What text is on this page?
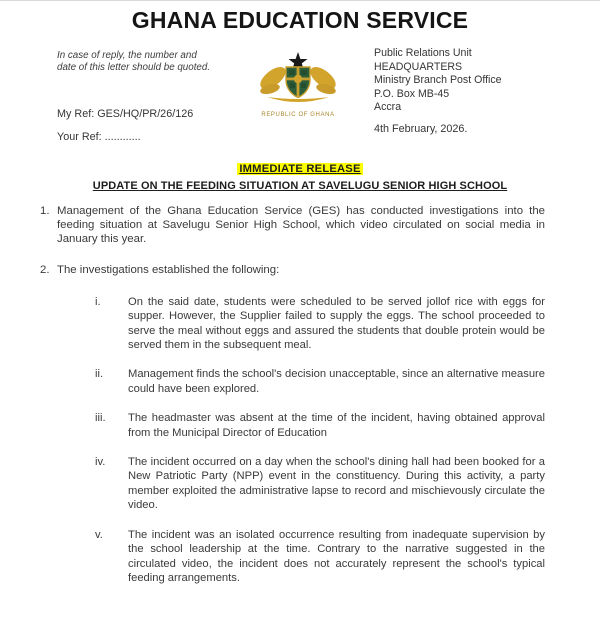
GHANA EDUCATION SERVICE
In case of reply, the number and
date of this letter should be quoted.
My Ref: GES/HQ/PR/26/126
Your Ref: ............
REPUBLIC OF GHANA
Public Relations Unit
HEADQUARTERS
Ministry Branch Post Office
P.O. Box MB-45
Accra
4th February, 2026.
IMMEDIATE RELEASE
UPDATE ON THE FEEDING SITUATION AT SAVELUGU SENIOR HIGH SCHOOL
1. Management of the Ghana Education Service (GES) has conducted investigations into the feeding situation at Savelugu Senior High School, which video circulated on social media in January this year.
2. The investigations established the following:
i.	On the said date, students were scheduled to be served jollof rice with eggs for supper. However, the Supplier failed to supply the eggs. The school proceeded to serve the meal without eggs and assured the students that double protein would be served them in the subsequent meal.
ii.	Management finds the school's decision unacceptable, since an alternative measure could have been explored.
iii.	The headmaster was absent at the time of the incident, having obtained approval from the Municipal Director of Education
iv.	The incident occurred on a day when the school's dining hall had been booked for a New Patriotic Party (NPP) event in the constituency. During this activity, a party member exploited the administrative lapse to record and mischievously circulate the video.
v.	The incident was an isolated occurrence resulting from inadequate supervision by the school leadership at the time. Contrary to the narrative suggested in the circulated video, the incident does not accurately represent the school's typical feeding arrangements.
